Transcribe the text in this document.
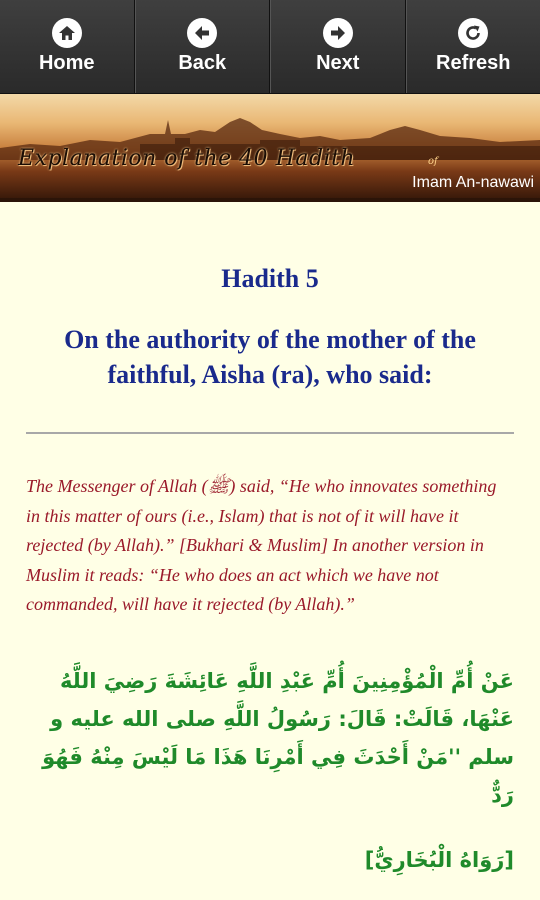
Home	Back	Next	Refresh
Explanation of the 40 Hadith	of
Imam An-nawawi
Hadith 5
On the authority of the mother of the faithful, Aisha (ra), who said:

The Messenger of Allah (ﷺ) said, “He who innovates something in this matter of ours (i.e., Islam) that is not of it will have it rejected (by Allah).” [Bukhari & Muslim] In another version in Muslim it reads: “He who does an act which we have not commanded, will have it rejected (by Allah).”

عَنْ أُمِّ الْمُؤْمِنِينَ أُمِّ عَبْدِ اللَّهِ عَائِشَةَ رَضِيَ اللَّهُ عَنْهَا، قَالَتْ: قَالَ: رَسُولُ اللَّهِ صلى الله عليه و سلم ''مَنْ أَحْدَثَ فِي أَمْرِنَا هَذَا مَا لَيْسَ مِنْهُ فَهُوَ رَدٌّ

[رَوَاهُ الْبُخَارِيُّ]
